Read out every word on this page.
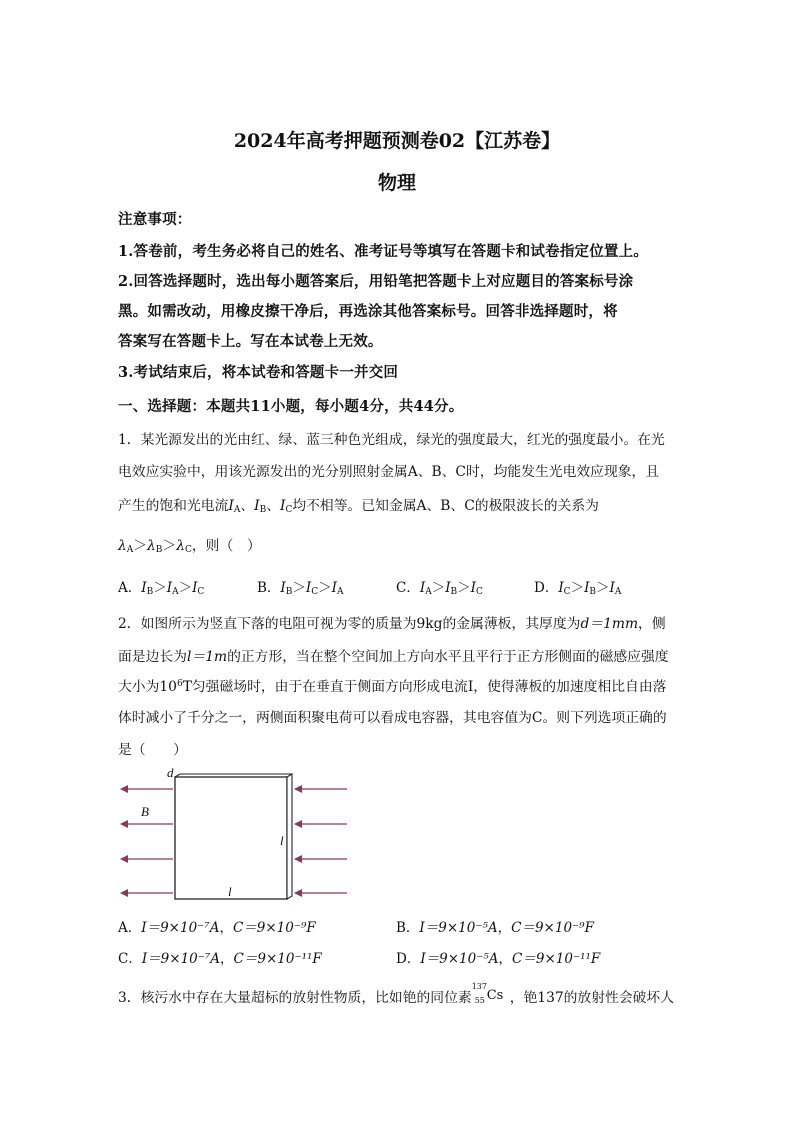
2024年高考押题预测卷02【江苏卷】
物理
注意事项：
1.答卷前，考生务必将自己的姓名、准考证号等填写在答题卡和试卷指定位置上。
2.回答选择题时，选出每小题答案后，用铅笔把答题卡上对应题目的答案标号涂
黑。如需改动，用橡皮擦干净后，再选涂其他答案标号。回答非选择题时，将
答案写在答题卡上。写在本试卷上无效。
3.考试结束后，将本试卷和答题卡一并交回
一、选择题：本题共11小题，每小题4分，共44分。
1．某光源发出的光由红、绿、蓝三种色光组成，绿光的强度最大，红光的强度最小。在光
电效应实验中，用该光源发出的光分别照射金属A、B、C时，均能发生光电效应现象，且
产生的饱和光电流$I_A$、$I_B$、$I_C$均不相等。已知金属A、B、C的极限波长的关系为
$\lambda_A>\lambda_B>\lambda_C$，则（　）
A．$I_B>I_A>I_C$	B．$I_B>I_C>I_A$	C．$I_A>I_B>I_C$	D．$I_C>I_B>I_A$
2．如图所示为竖直下落的电阻可视为零的质量为9kg的金属薄板，其厚度为d＝1mm，侧
面是边长为l＝1m的正方形，当在整个空间加上方向水平且平行于正方形侧面的磁感应强度
大小为$10^6T$匀强磁场时，由于在垂直于侧面方向形成电流I，使得薄板的加速度相比自由落
体时减小了千分之一，两侧面积聚电荷可以看成电容器，其电容值为C。则下列选项正确的
是（　　）
d
B
l
l
A．I＝9×10⁻⁷A，C＝9×10⁻⁹F	B．I＝9×10⁻⁵A，C＝9×10⁻⁹F
C．I＝9×10⁻⁷A，C＝9×10⁻¹¹F	D．I＝9×10⁻⁵A，C＝9×10⁻¹¹F
3．核污水中存在大量超标的放射性物质，比如铯的同位素
137
55 Cs ，铯137的放射性会破坏人
